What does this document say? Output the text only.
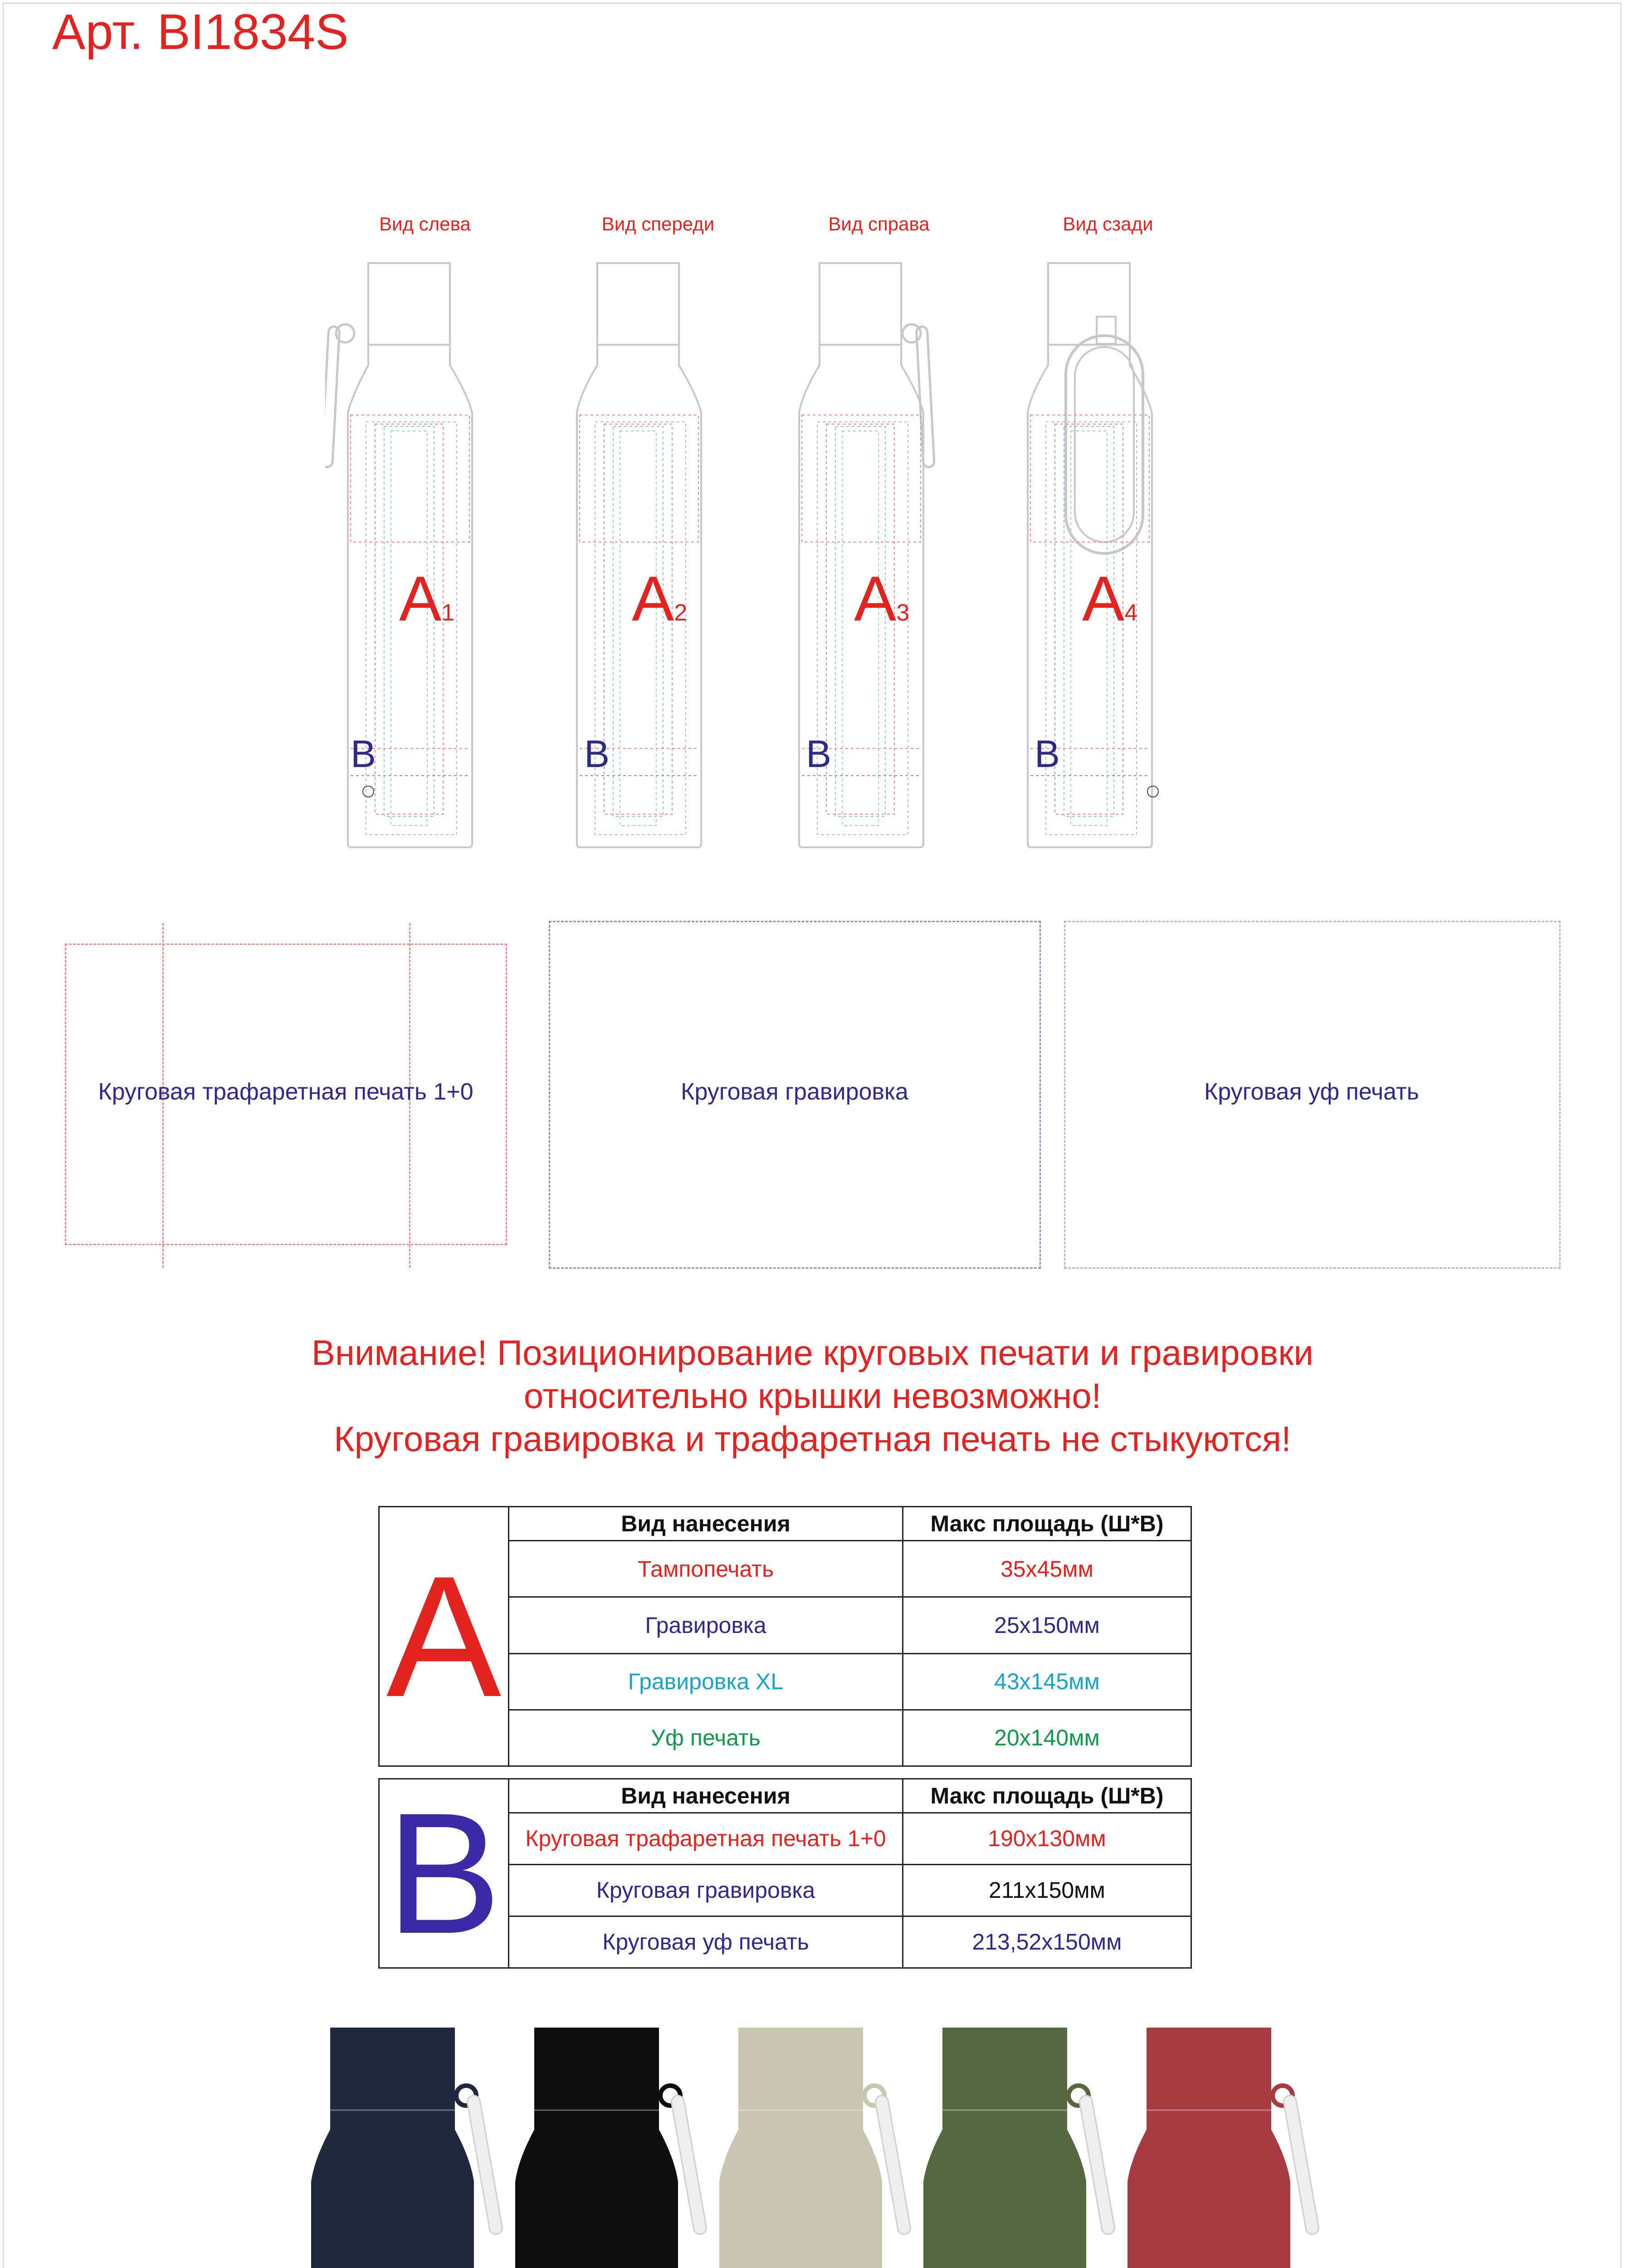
Арт. BI1834S
Вид слева
A1
B
Вид спереди
A2
B
Вид справа
A3
B
Вид сзади
A4
B
Круговая трафаретная печать 1+0	Круговая гравировка	Круговая уф печать
Внимание! Позиционирование круговых печати и гравировки
относительно крышки невозможно!
Круговая гравировка и трафаретная печать не стыкуются!
A	Вид нанесения	Макс площадь (Ш*В)
	Тампопечать	35x45мм
	Гравировка	25x150мм
	Гравировка XL	43x145мм
	Уф печать	20x140мм
B	Вид нанесения	Макс площадь (Ш*В)
	Круговая трафаретная печать 1+0	190x130мм
	Круговая гравировка	211x150мм
	Круговая уф печать	213,52x150мм
